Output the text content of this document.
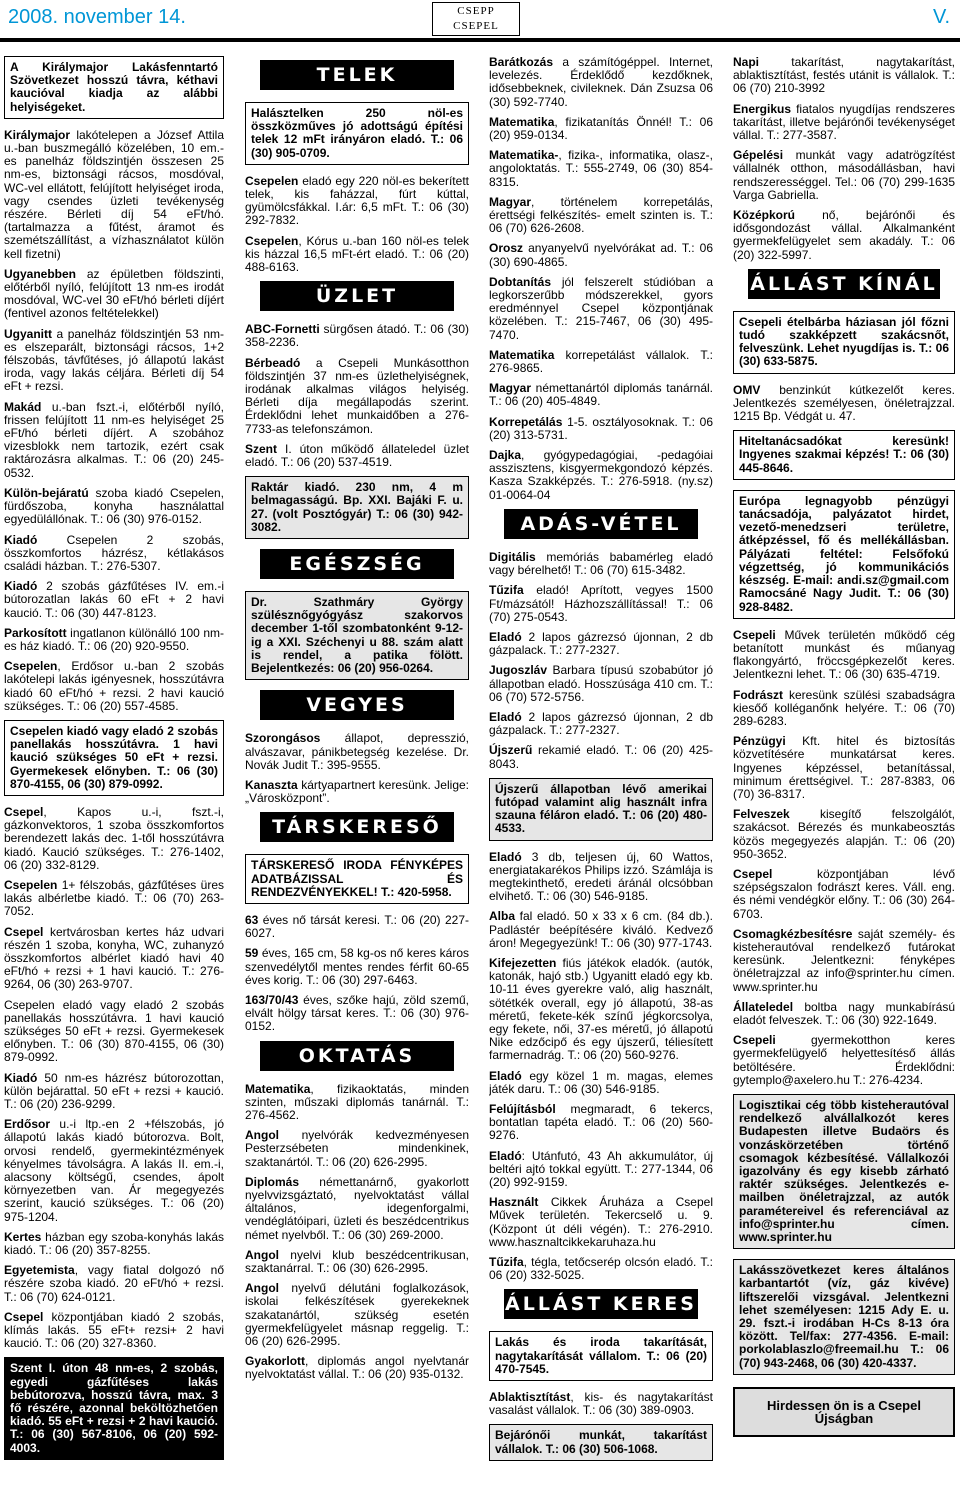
2008. november 14.	CSEPP CSEPEL	V.
A Királymajor Lakásfenntartó Szövetkezet hosszú távra, kéthavi kaucióval kiadja az alábbi helyiségeket.
Királymajor lakótelepen a József Attila u.-ban buszmegálló közelében, 10 em.-es panelház földszintjén összesen 25 nm-es, biztonsági rácsos, mosdóval, WC-vel ellátott, felújított helyiséget iroda, vagy csendes üzleti tevékenység részére. Bérleti díj 54 eFt/hó. (tartalmazza a fűtést, áramot és szemétszállítást, a vízhasználatot külön kell fizetni)
Ugyanebben az épületben földszinti, előtérből nyíló, felújított 13 nm-es irodát mosdóval, WC-vel 30 eFt/hó bérleti díjért (fentivel azonos feltételekkel)
Ugyanitt a panelház földszintjén 53 nm-es elszeparált, biztonsági rácsos, 1+2 félszobás, távfűtéses, jó állapotú lakást iroda, vagy lakás céljára. Bérleti díj 54 eFt + rezsi.
Makád u.-ban fszt.-i, előtérből nyíló, frissen felújított 11 nm-es helyiséget 25 eFt/hó bérleti díjért. A szobához vizesblokk nem tartozik, ezért csak raktározásra alkalmas. T.: 06 (20) 245-0532.
Külön-bejáratú szoba kiadó Csepelen, fürdőszoba, konyha használattal egyedülállónak. T.: 06 (30) 976-0152.
Kiadó Csepelen 2 szobás, összkomfortos házrész, kétlakásos családi házban. T.: 276-5307.
Kiadó 2 szobás gázfűtéses IV. em.-i bútorozatlan lakás 60 eFt + 2 havi kaució. T.: 06 (30) 447-8123.
Parkosított ingatlanon különálló 100 nm-es ház kiadó. T.: 06 (20) 920-9550.
Csepelen, Erdősor u.-ban 2 szobás lakótelepi lakás igényesnek, hosszútávra kiadó 60 eFt/hó + rezsi. 2 havi kaució szükséges. T.: 06 (20) 557-4585.
Csepelen kiadó vagy eladó 2 szobás panellakás hosszútávra. 1 havi kaució szükséges 50 eFt + rezsi. Gyermekesek előnyben. T.: 06 (30) 870-4155, 06 (30) 879-0992.
Csepel, Kapos u.-i, fszt.-i, gázkonvektoros, 1 szoba összkomfortos berendezett lakás dec. 1-től hosszútávra kiadó. Kaució szükséges. T.: 276-1402, 06 (20) 332-8129.
Csepelen 1+ félszobás, gázfűtéses üres lakás albérletbe kiadó. T.: 06 (70) 263-7052.
Csepel kertvárosban kertes ház udvari részén 1 szoba, konyha, WC, zuhanyzó összkomfortos albérlet kiadó havi 40 eFt/hó + rezsi + 1 havi kaució. T.: 276-9264, 06 (30) 263-9707.
Csepelen eladó vagy eladó 2 szobás panellakás hosszútávra. 1 havi kaució szükséges 50 eFt + rezsi. Gyermekesek előnyben. T.: 06 (30) 870-4155, 06 (30) 879-0992.
Kiadó 50 nm-es házrész bútorozottan, külön bejárattal. 50 eFt + rezsi + kaució. T.: 06 (20) 236-9299.
Erdősor u.-i ltp.-en 2 +félszobás, jó állapotú lakás kiadó bútorozva. Bolt, orvosi rendelő, gyermekintézmények kényelmes távolságra. A lakás II. em.-i, alacsony költségű, csendes, ápolt környezetben van. Ár megegyezés szerint, kaució szükséges. T.: 06 (20) 975-1204.
Kertes házban egy szoba-konyhás lakás kiadó. T.: 06 (20) 357-8255.
Egyetemista, vagy fiatal dolgozó nő részére szoba kiadó. 20 eFt/hó + rezsi. T.: 06 (70) 624-0121.
Csepel központjában kiadó 2 szobás, klímás lakás. 55 eFt+ rezsi+ 2 havi kaució. T.: 06 (20) 327-8360.
Szent I. úton 48 nm-es, 2 szobás, egyedi gázfűtéses lakás bebútorozva, hosszú távra, max. 3 fő részére, azonnal beköltözhetően kiadó. 55 eFt + rezsi + 2 havi kaució. T.: 06 (30) 567-8106, 06 (20) 592-4003.
TELEK
Halásztelken 250 nöl-es összközműves jó adottságú építési telek 12 mFt irányáron eladó. T.: 06 (30) 905-0709.
Csepelen eladó egy 220 nöl-es bekerített telek, kis faházzal, fúrt kúttal, gyümölcsfákkal. I.ár: 6,5 mFt. T.: 06 (30) 292-7832.
Csepelen, Kórus u.-ban 160 nöl-es telek kis házzal 16,5 mFt-ért eladó. T.: 06 (20) 488-6163.
ÜZLET
ABC-Fornetti sürgősen átadó. T.: 06 (30) 358-2236.
Bérbeadó a Csepeli Munkásotthon földszintjén 37 nm-es üzlethelyiségnek, irodának alkalmas világos helyiség. Bérleti díja megállapodás szerint. Érdeklődni lehet munkaidőben a 276-7733-as telefonszámon.
Szent I. úton működő állateledel üzlet eladó. T.: 06 (20) 537-4519.
Raktár kiadó. 230 nm, 4 m belmagasságú. Bp. XXI. Bajáki F. u. 27. (volt Posztógyár) T.: 06 (30) 942-3082.
EGÉSZSÉG
Dr. Szathmáry György szülésznőgyógyász szakorvos december 1-től szombatonként 9-12-ig a XXI. Széchenyi u 88. szám alatt is rendel, a patika fölött. Bejelentkezés: 06 (20) 956-0264.
VEGYES
Szorongásos állapot, depresszió, alvászavar, pánikbetegség kezelése. Dr. Novák Judit T.: 395-9555.
Kanaszta kártyapartnert keresünk. Jelige: „Városközpont”.
TÁRSKERESŐ
TÁRSKERESŐ IRODA FÉNYKÉPES ADATBÁZISSAL ÉS RENDEZVÉNYEKKEL! T.: 420-5958.
63 éves nő társát keresi. T.: 06 (20) 227-6027.
59 éves, 165 cm, 58 kg-os nő keres káros szenvedélytől mentes rendes férfit 60-65 éves korig. T.: 06 (30) 297-6463.
163/70/43 éves, szőke hajú, zöld szemű, elvált hölgy társat keres. T.: 06 (30) 976-0152.
OKTATÁS
Matematika, fizikaoktatás, minden szinten, műszaki diplomás tanárnál. T.: 276-4562.
Angol nyelvórák kedvezményesen Pesterzsébeten mindenkinek, szaktanártól. T.: 06 (20) 626-2995.
Diplomás némettanárnő, gyakorlott nyelvvizsgáztató, nyelvoktatást vállal általános, idegenforgalmi, vendéglátóipari, üzleti és beszédcentrikus német nyelvből. T.: 06 (30) 269-2000.
Angol nyelvi klub beszédcentrikusan, szaktanárral. T.: 06 (30) 626-2995.
Angol nyelvű délutáni foglalkozások, iskolai felkészítések gyerekeknek szakatanártól, szükség esetén gyermekfelügyelet másnap reggelig. T.: 06 (20) 626-2995.
Gyakorlott, diplomás angol nyelvtanár nyelvoktatást vállal. T.: 06 (20) 935-0132.
Barátkozás a számítógéppel. Internet, levelezés. Érdeklődő kezdőknek, idősebbeknek, civileknek. Dán Zsuzsa 06 (30) 592-7740.
Matematika, fizikatanítás Önnél! T.: 06 (20) 959-0134.
Matematika-, fizika-, informatika, olasz-, angoloktatás. T.: 555-2749, 06 (30) 854-8315.
Magyar, történelem korrepetálás, érettségi felkészítés- emelt szinten is. T.: 06 (70) 626-2608.
Orosz anyanyelvű nyelvórákat ad. T.: 06 (30) 690-4865.
Dobtanítás jól felszerelt stúdióban a legkorszerűbb módszerekkel, gyors eredménnyel Csepel központjának közelében. T.: 215-7467, 06 (30) 495-7470.
Matematika korrepetálást vállalok. T.: 276-9865.
Magyar némettanártól diplomás tanárnál. T.: 06 (20) 405-4849.
Korrepetálás 1-5. osztályosoknak. T.: 06 (20) 313-5731.
Dajka, gyógypedagógiai, -pedagóiai asszisztens, kisgyermekgondozó képzés. Kasza Szakképzés. T.: 276-5918. (ny.sz) 01-0064-04
ADÁS-VÉTEL
Digitális memóriás babamérleg eladó vagy bérelhető! T.: 06 (70) 615-3482.
Tűzifa eladó! Aprított, vegyes 1500 Ft/mázsától! Házhozszállítással! T.: 06 (70) 275-0543.
Eladó 2 lapos gázrezsó újonnan, 2 db gázpalack. T.: 277-2327.
Jugoszláv Barbara típusú szobabútor jó állapotban eladó. Hosszúsága 410 cm. T.: 06 (70) 572-5756.
Eladó 2 lapos gázrezsó újonnan, 2 db gázpalack. T.: 277-2327.
Újszerű rekamié eladó. T.: 06 (20) 425-8043.
Újszerű állapotban lévő amerikai futópad valamint alig használt infra szauna féláron eladó. T.: 06 (20) 480-4533.
Eladó 3 db, teljesen új, 60 Wattos, energiatakarékos Philips izzó. Számlája is megtekinthető, eredeti áránál olcsóbban elvihető. T.: 06 (30) 546-9185.
Alba fal eladó. 50 x 33 x 6 cm. (84 db.). Padlástér beépítésére kiváló. Kedvező áron! Megegyezünk! T.: 06 (30) 977-1743.
Kifejezetten fiús játékok eladók. (autók, katonák, hajó stb.) Ugyanitt eladó egy kb. 10-11 éves gyerekre való, alig használt, sötétkék overall, egy jó állapotú, 38-as méretű, fekete-kék színű jégkorcsolya, egy fekete, női, 37-es méretű, jó állapotú Nike edzőcipő és egy újszerű, téliesített farmernadrág. T.: 06 (20) 560-9276.
Eladó egy közel 1 m. magas, elemes játék daru. T.: 06 (30) 546-9185.
Felújításból megmaradt, 6 tekercs, bontatlan tapéta eladó. T.: 06 (20) 560-9276.
Eladó: Utánfutó, 43 Ah akkumulátor, új beltéri ajtó tokkal együtt. T.: 277-1344, 06 (20) 992-9159.
Használt Cikkek Áruháza a Csepel Művek területén. Tekercselő u. 9. (Központ út déli végén). T.: 276-2910. www.hasznaltcikkekaruhaza.hu
Tűzifa, tégla, tetőcserép olcsón eladó. T.: 06 (20) 332-5025.
ÁLLÁST KERES
Lakás és iroda takarítását, nagytakarítását vállalom. T.: 06 (20) 470-7545.
Ablaktisztítást, kis- és nagytakarítást vasalást vállalok. T.: 06 (30) 389-0903.
Bejárónői munkát, takarítást vállalok. T.: 06 (30) 506-1068.
Napi takarítást, nagytakarítást, ablaktisztítást, festés utánit is vállalok. T.: 06 (70) 210-3992
Energikus fiatalos nyugdíjas rendszeres takarítást, illetve bejárónői tevékenységet vállal. T.: 277-3587.
Gépelési munkát vagy adatrögzítést vállalnék otthon, másodállásban, havi rendszerességgel. Tel.: 06 (70) 299-1635 Varga Gabriella.
Középkorú nő, bejárónői és idősgondozást vállal. Alkalmanként gyermekfelügyelet sem akadály. T.: 06 (20) 322-5997.
ÁLLÁST KÍNÁL
Csepeli ételbárba háziasan jól főzni tudó szakképzett szakácsnőt, felveszünk. Lehet nyugdíjas is. T.: 06 (30) 633-5875.
OMV benzinkút kútkezelőt keres. Jelentkezés személyesen, önéletrajzzal. 1215 Bp. Védgát u. 47.
Hiteltanácsadókat keresünk! Ingyenes szakmai képzés! T.: 06 (30) 445-8646.
Európa legnagyobb pénzügyi tanácsadója, palyázatot hirdet, vezető-menedzseri területre, átképzéssel, fő és mellékállásban. Pályázati feltétel: Felsőfokú végzettség, jó kommunikációs készség. E-mail: andi.sz@gmail.com Ramocsáné Nagy Judit. T.: 06 (30) 928-8482.
Csepeli Művek területén működő cég betanított munkást és műanyag flakongyártó, fröccsgépkezelőt keres. Jelentkezni lehet. T.: 06 (30) 635-4719.
Fodrászt keresünk szülési szabadságra kiesőő kolléganőnk helyére. T.: 06 (70) 289-6283.
Pénzügyi Kft. hitel és biztosítás közvetítésére munkatársat keres. Ingyenes képzéssel, betanítással, minimum érettségivel. T.: 287-8383, 06 (70) 36-8317.
Felveszek kisegítő felszolgálót, szakácsot. Bérezés és munkabeosztás közös megegyezés alapján. T.: 06 (20) 950-3652.
Csepel központjában lévő szépségszalon fodrászt keres. Váll. eng. és némi vendégkör előny. T.: 06 (30) 264-6703.
Csomagkézbesítésre saját személy- és kisteherautóval rendelkező futárokat keresünk. Jelentkezni: fényképes önéletrajzzal az info@sprinter.hu címen. www.sprinter.hu
Állateledel boltba nagy munkabírású eladót felveszek. T.: 06 (30) 922-1649.
Csepeli gyermekotthon keres gyermekfelügyelő helyettesítéső állás betöltésére. Érdeklődni: gytemplo@axelero.hu T.: 276-4234.
Logisztikai cég több kisteherautóval rendelkező alvállalkozót keres Budapesten illetve Budaörs és vonzáskörzetében történő csomagok kézbesítésé. Vállalkozói igazolvány és egy kisebb zárható raktér szükséges. Jelentkezés e-mailben önéletrajzzal, az autók paramétereivel és referenciával az info@sprinter.hu címen. www.sprinter.hu
Lakásszövetkezet keres általános karbantartót (víz, gáz kivéve) liftszerelői vizsgával. Jelentkezni lehet személyesen: 1215 Ady E. u. 29. fszt.-i irodában H-Cs 8-13 óra között. Tel/fax: 277-4356. E-mail: porkolablaszlo@freemail.hu T.: 06 (70) 943-2468, 06 (30) 420-4337.
Hirdessen ön is a Csepel Újságban
